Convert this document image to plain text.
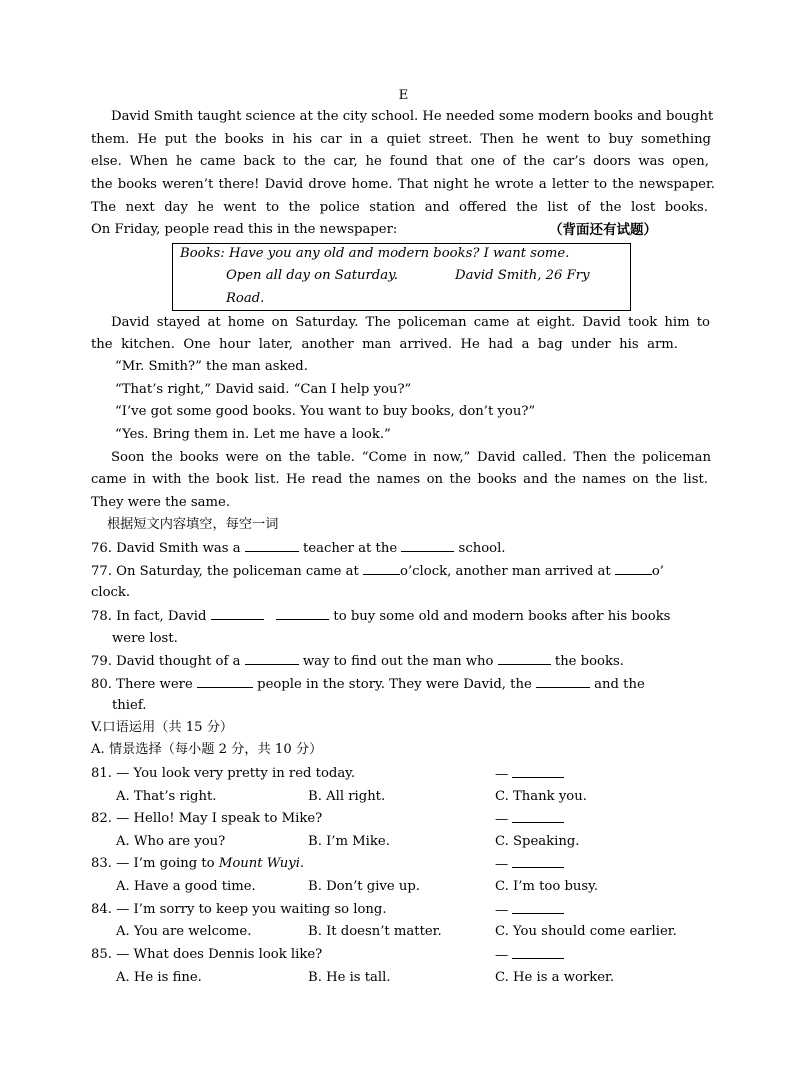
E
David Smith taught science at the city school. He needed some modern books and bought
them. He put the books in his car in a quiet street. Then he went to buy something
else. When he came back to the car, he found that one of the car’s doors was open,
the books weren’t there! David drove home. That night he wrote a letter to the newspaper.
The next day he went to the police station and offered the list of the lost books.
On Friday, people read this in the newspaper:	（背面还有试题）
Books: Have you any old and modern books? I want some.
Open all day on Saturday.	David Smith, 26 Fry
Road.
David stayed at home on Saturday. The policeman came at eight. David took him to
the kitchen. One hour later, another man arrived. He had a bag under his arm.
“Mr. Smith?” the man asked.
“That’s right,” David said. “Can I help you?”
“I’ve got some good books. You want to buy books, don’t you?”
“Yes. Bring them in. Let me have a look.”
Soon the books were on the table. “Come in now,” David called. Then the policeman
came in with the book list. He read the names on the books and the names on the list.
They were the same.
根据短文内容填空，每空一词
76. David Smith was a	teacher at the	school.
77. On Saturday, the policeman came at	o’clock, another man arrived at	o’
clock.
78. In fact, David	to buy some old and modern books after his books
were lost.
79. David thought of a	way to find out the man who	the books.
80. There were	people in the story. They were David, the	and the
thief.
V.口语运用（共 15 分）
A. 情景选择（每小题 2 分，共 10 分）
81. — You look very pretty in red today.	—
A. That’s right.	B. All right.	C. Thank you.
82. — Hello! May I speak to Mike?	—
A. Who are you?	B. I’m Mike.	C. Speaking.
83. — I’m going to Mount Wuyi.	—
A. Have a good time.	B. Don’t give up.	C. I’m too busy.
84. — I’m sorry to keep you waiting so long.	—
A. You are welcome.	B. It doesn’t matter.	C. You should come earlier.
85. — What does Dennis look like?	—
A. He is fine.	B. He is tall.	C. He is a worker.
